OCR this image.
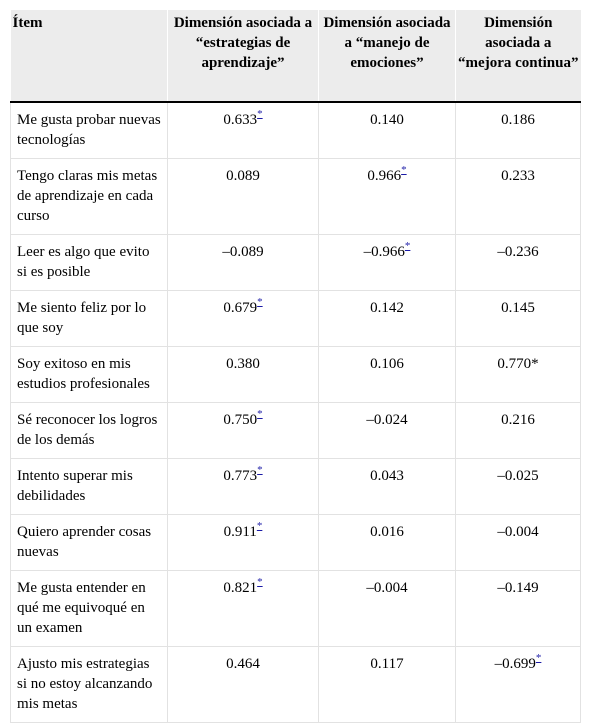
Ítem	Dimensión asociada a “estrategias de aprendizaje”	Dimensión asociada a “manejo de emociones”	Dimensión asociada a “mejora continua”
Me gusta probar nuevas tecnologías	0.633*	0.140	0.186
Tengo claras mis metas de aprendizaje en cada curso	0.089	0.966*	0.233
Leer es algo que evito si es posible	–0.089	–0.966*	–0.236
Me siento feliz por lo que soy	0.679*	0.142	0.145
Soy exitoso en mis estudios profesionales	0.380	0.106	0.770*
Sé reconocer los logros de los demás	0.750*	–0.024	0.216
Intento superar mis debilidades	0.773*	0.043	–0.025
Quiero aprender cosas nuevas	0.911*	0.016	–0.004
Me gusta entender en qué me equivoqué en un examen	0.821*	–0.004	–0.149
Ajusto mis estrategias si no estoy alcanzando mis metas	0.464	0.117	–0.699*
